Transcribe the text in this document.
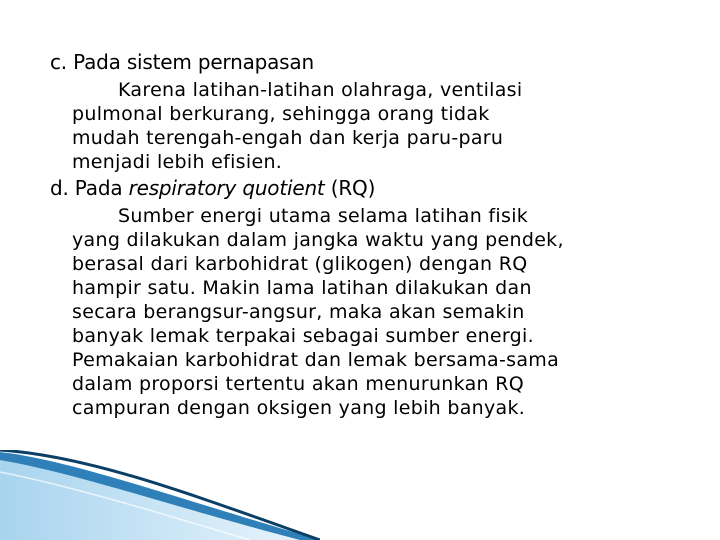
c. Pada sistem pernapasan
Karena latihan-latihan olahraga, ventilasi
pulmonal berkurang, sehingga orang tidak
mudah terengah-engah dan kerja paru-paru
menjadi lebih efisien.
d. Pada respiratory quotient (RQ)
Sumber energi utama selama latihan fisik
yang dilakukan dalam jangka waktu yang pendek,
berasal dari karbohidrat (glikogen) dengan RQ
hampir satu. Makin lama latihan dilakukan dan
secara berangsur-angsur, maka akan semakin
banyak lemak terpakai sebagai sumber energi.
Pemakaian karbohidrat dan lemak bersama-sama
dalam proporsi tertentu akan menurunkan RQ
campuran dengan oksigen yang lebih banyak.
